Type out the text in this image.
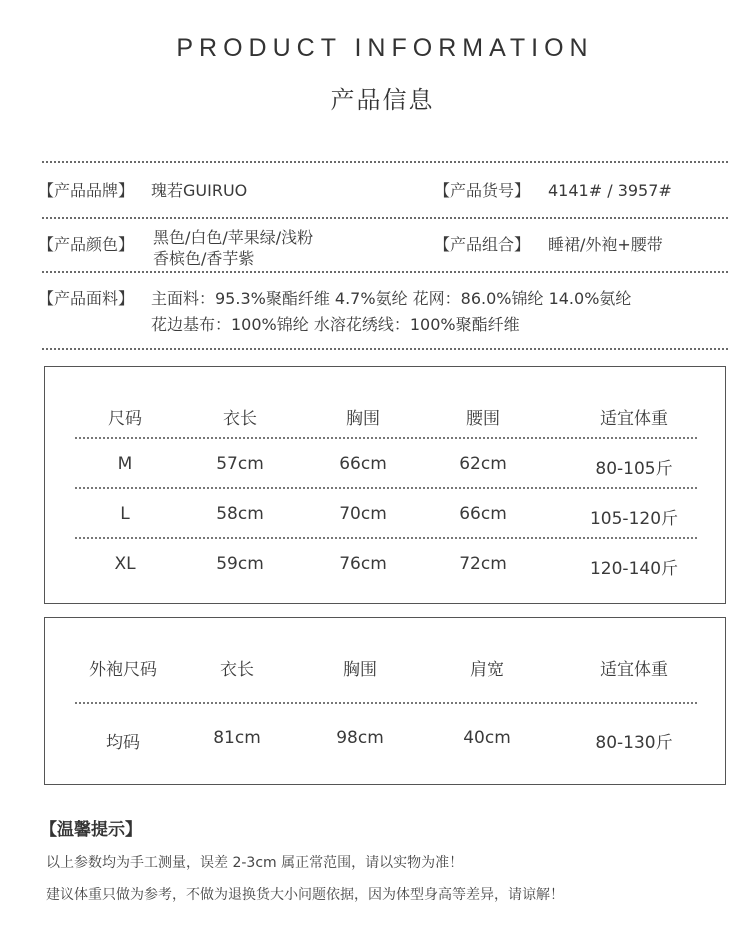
PRODUCT INFORMATION
产品信息
【产品品牌】 瑰若GUIRUO	【产品货号】 4141# / 3957#
【产品颜色】 黑色/白色/苹果绿/浅粉
香槟色/香芋紫
【产品组合】 睡裙/外袍+腰带
【产品面料】 主面料：95.3%聚酯纤维 4.7%氨纶 花网：86.0%锦纶 14.0%氨纶
花边基布：100%锦纶 水溶花绣线：100%聚酯纤维
尺码	衣长	胸围	腰围	适宜体重
M	57cm	66cm	62cm	80-105斤
L	58cm	70cm	66cm	105-120斤
XL	59cm	76cm	72cm	120-140斤
外袍尺码	衣长	胸围	肩宽	适宜体重
均码	81cm	98cm	40cm	80-130斤
【温馨提示】
以上参数均为手工测量，误差 2-3cm 属正常范围，请以实物为准！
建议体重只做为参考，不做为退换货大小问题依据，因为体型身高等差异，请谅解！
